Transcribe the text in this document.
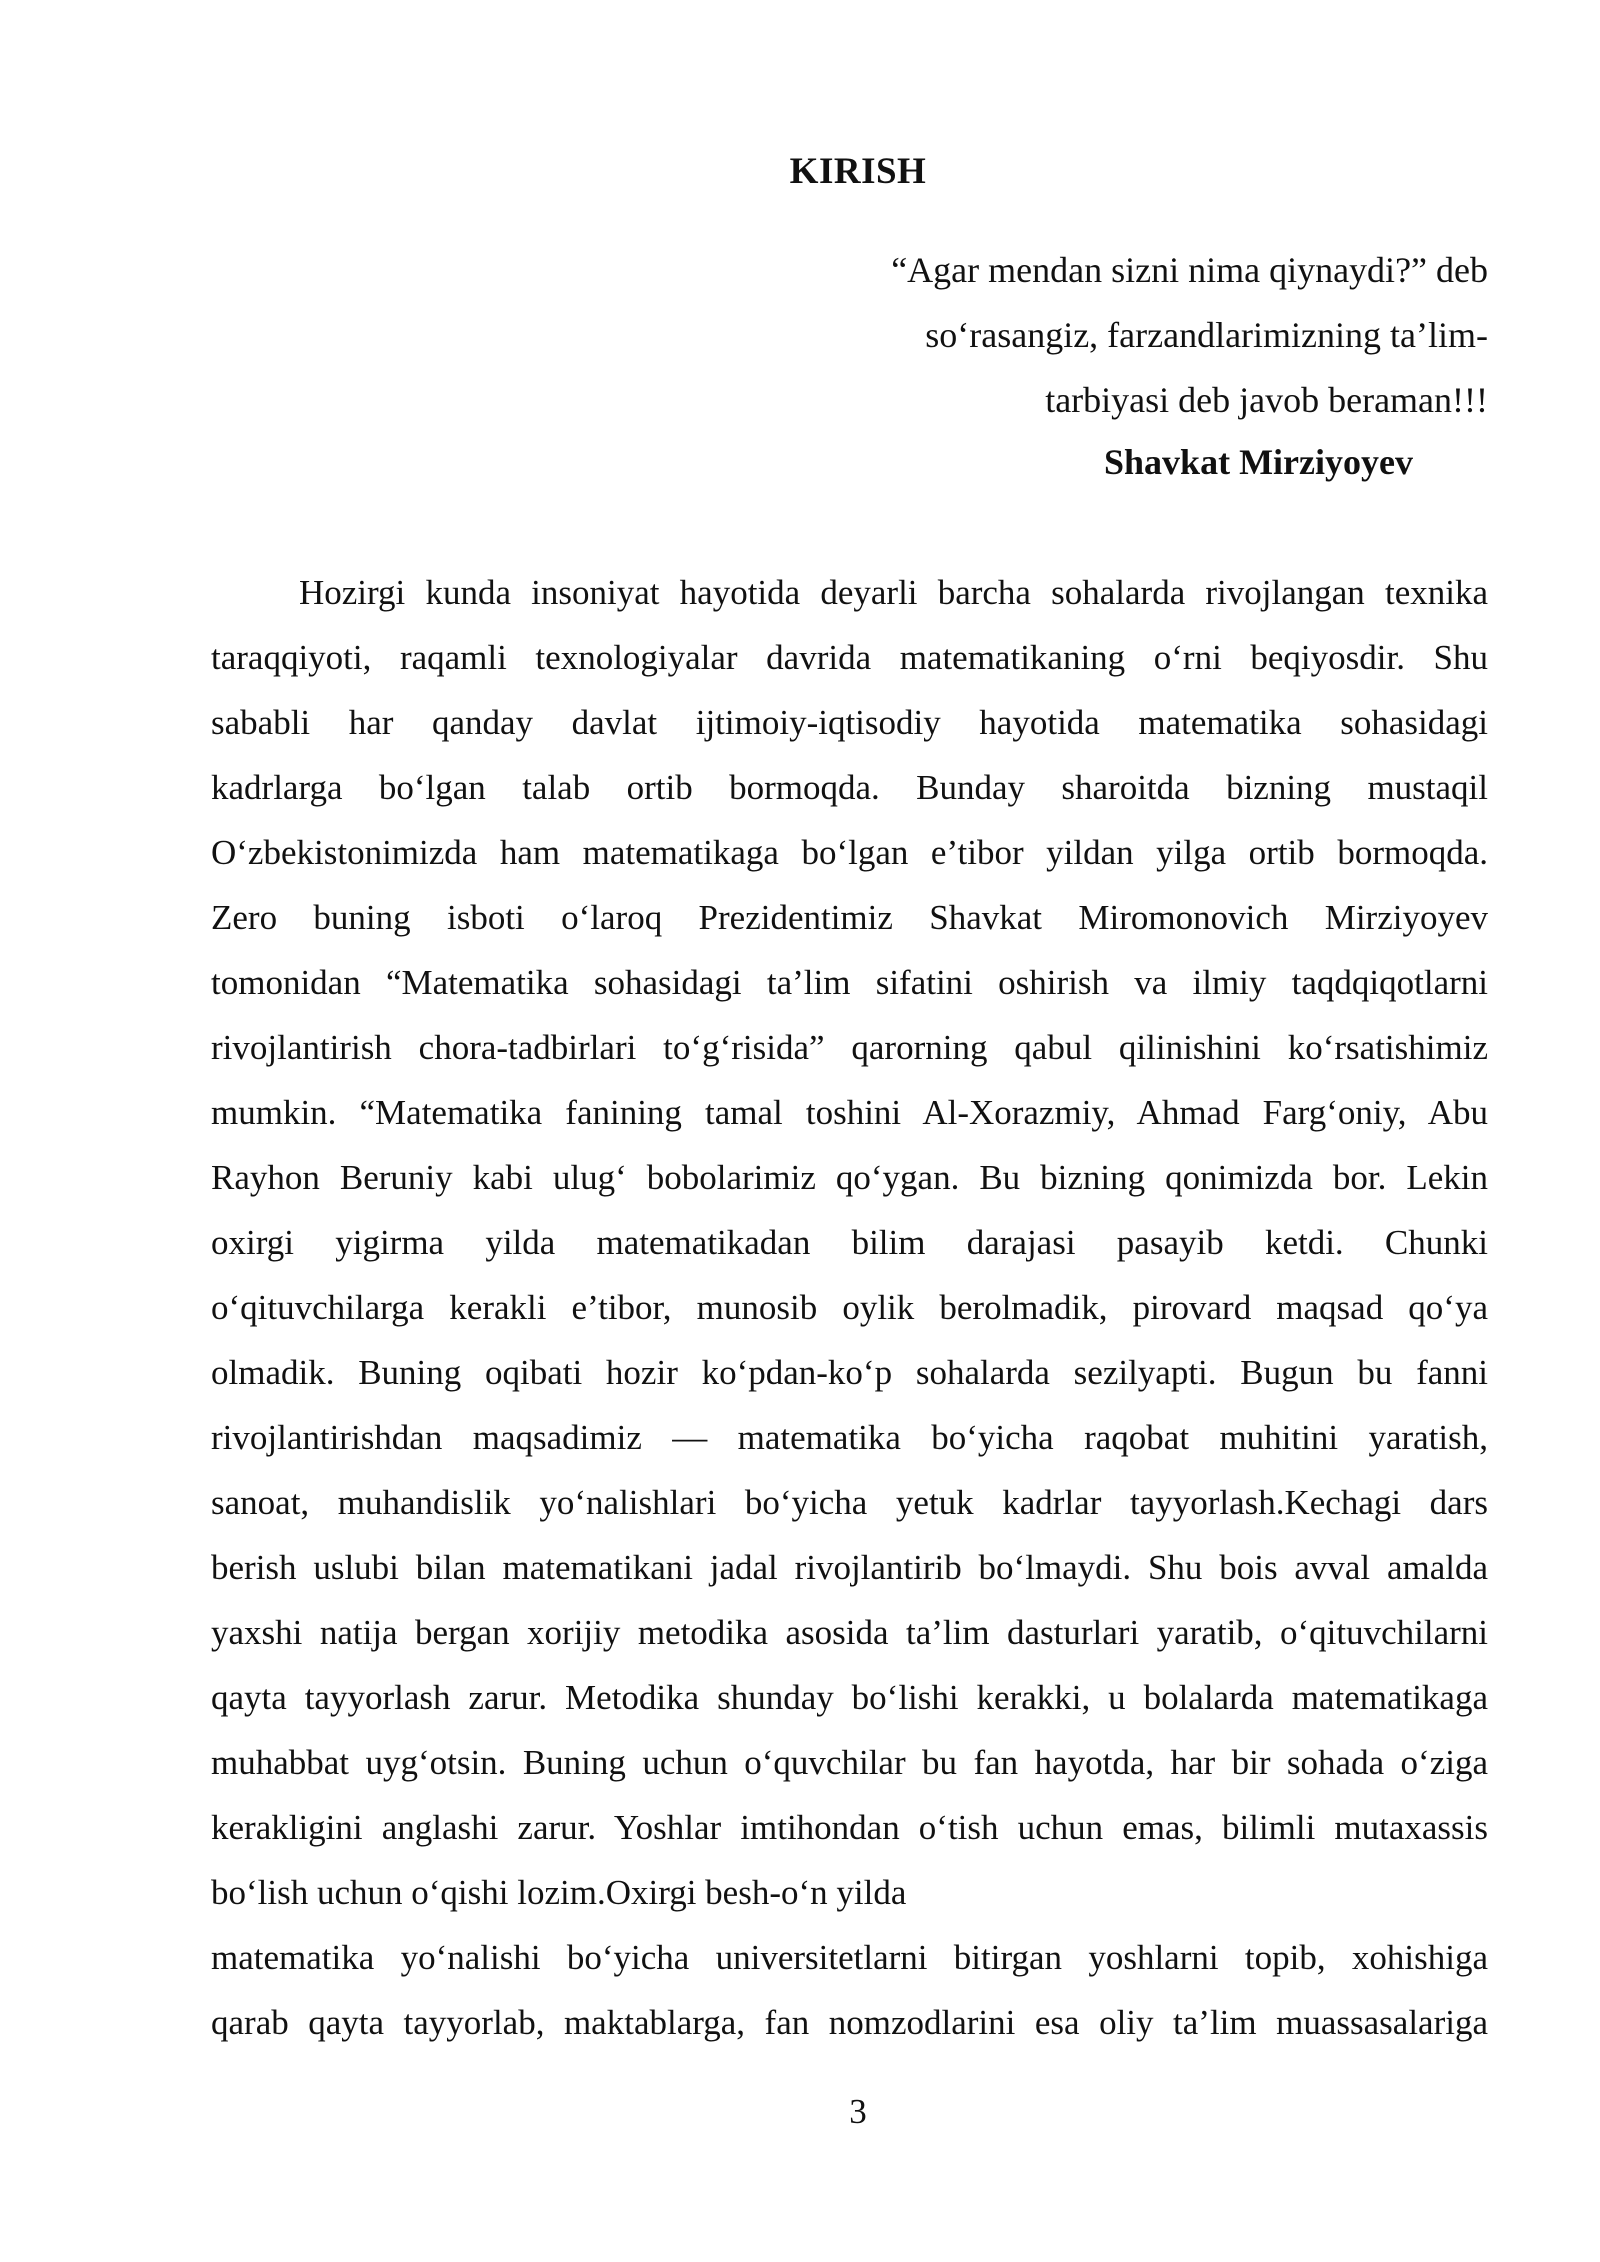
KIRISH
“Agar mendan sizni nima qiynaydi?” deb
so‘rasangiz, farzandlarimizning ta’lim-
tarbiyasi deb javob beraman!!!
Shavkat Mirziyoyev
Hozirgi kunda insoniyat hayotida deyarli barcha sohalarda rivojlangan texnika
taraqqiyoti, raqamli texnologiyalar davrida matematikaning o‘rni beqiyosdir. Shu
sababli har qanday davlat ijtimoiy-iqtisodiy hayotida matematika sohasidagi
kadrlarga bo‘lgan talab ortib bormoqda. Bunday sharoitda bizning mustaqil
O‘zbekistonimizda ham matematikaga bo‘lgan e’tibor yildan yilga ortib bormoqda.
Zero buning isboti o‘laroq Prezidentimiz Shavkat Miromonovich Mirziyoyev
tomonidan “Matematika sohasidagi ta’lim sifatini oshirish va ilmiy taqdqiqotlarni
rivojlantirish chora-tadbirlari to‘g‘risida” qarorning qabul qilinishini ko‘rsatishimiz
mumkin. “Matematika fanining tamal toshini Al-Xorazmiy, Ahmad Farg‘oniy, Abu
Rayhon Beruniy kabi ulug‘ bobolarimiz qo‘ygan. Bu bizning qonimizda bor. Lekin
oxirgi yigirma yilda matematikadan bilim darajasi pasayib ketdi. Chunki
o‘qituvchilarga kerakli e’tibor, munosib oylik berolmadik, pirovard maqsad qo‘ya
olmadik. Buning oqibati hozir ko‘pdan-ko‘p sohalarda sezilyapti. Bugun bu fanni
rivojlantirishdan maqsadimiz — matematika bo‘yicha raqobat muhitini yaratish,
sanoat, muhandislik yo‘nalishlari bo‘yicha yetuk kadrlar tayyorlash.Kechagi dars
berish uslubi bilan matematikani jadal rivojlantirib bo‘lmaydi. Shu bois avval amalda
yaxshi natija bergan xorijiy metodika asosida ta’lim dasturlari yaratib, o‘qituvchilarni
qayta tayyorlash zarur. Metodika shunday bo‘lishi kerakki, u bolalarda matematikaga
muhabbat uyg‘otsin. Buning uchun o‘quvchilar bu fan hayotda, har bir sohada o‘ziga
kerakligini anglashi zarur. Yoshlar imtihondan o‘tish uchun emas, bilimli mutaxassis
bo‘lish uchun o‘qishi lozim.Oxirgi besh-o‘n yilda
matematika yo‘nalishi bo‘yicha universitetlarni bitirgan yoshlarni topib, xohishiga
qarab qayta tayyorlab, maktablarga, fan nomzodlarini esa oliy ta’lim muassasalariga
3
